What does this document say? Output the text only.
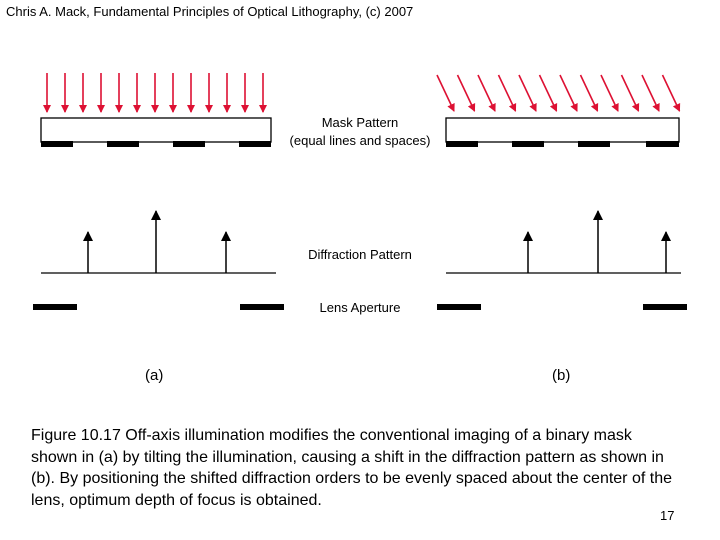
Chris A. Mack, Fundamental Principles of Optical Lithography, (c) 2007
Mask Pattern
(equal lines and spaces)
Diffraction Pattern
Lens Aperture
(a)	(b)

Figure 10.17 Off-axis illumination modifies the conventional imaging of a binary mask shown in (a) by tilting the illumination, causing a shift in the diffraction pattern as shown in (b). By positioning the shifted diffraction orders to be evenly spaced about the center of the lens, optimum depth of focus is obtained.

17
